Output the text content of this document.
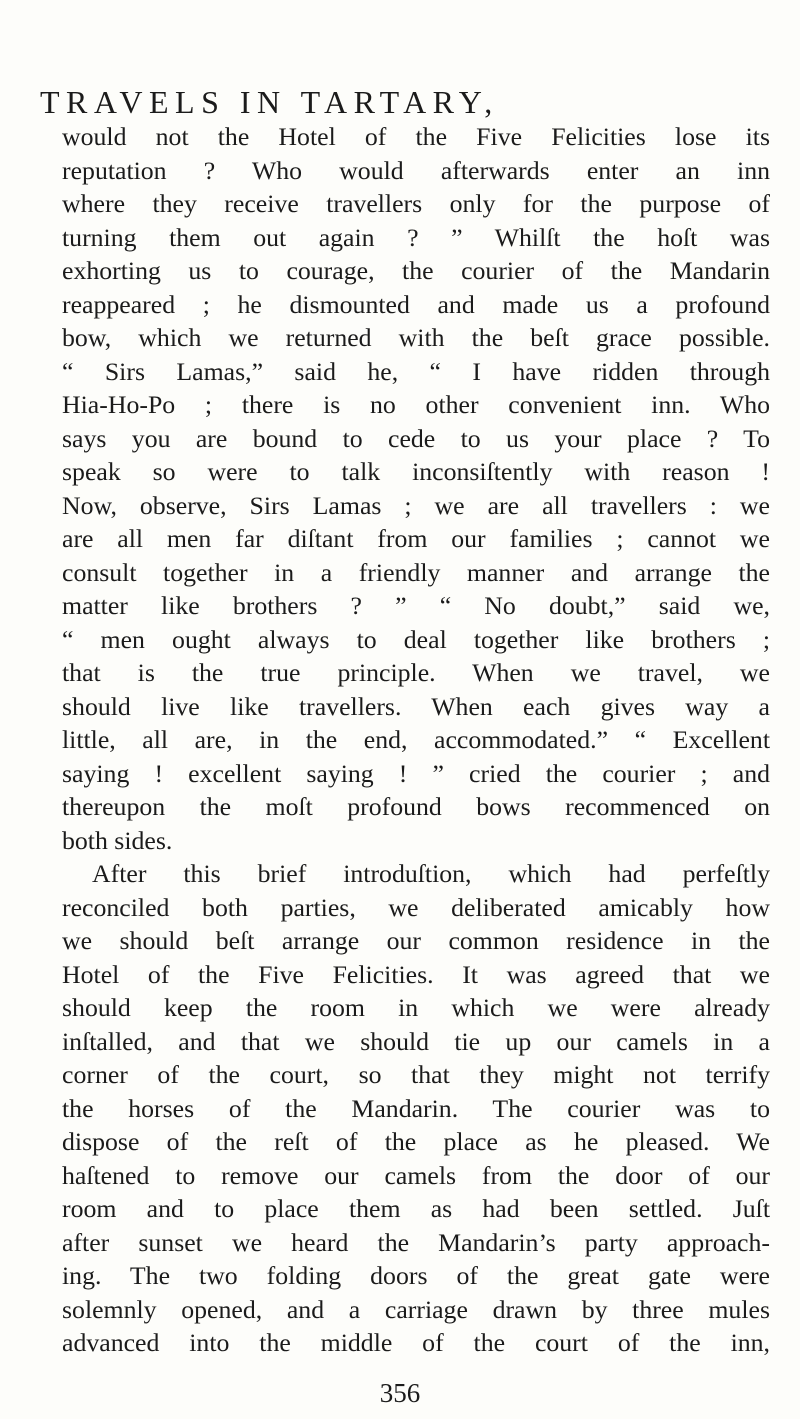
TRAVELS IN TARTARY,
would not the Hotel of the Five Felicities lose its
reputation ? Who would afterwards enter an inn
where they receive travellers only for the purpose of
turning them out again ? ” Whilſt the hoſt was
exhorting us to courage, the courier of the Mandarin
reappeared ; he dismounted and made us a profound
bow, which we returned with the beſt grace possible.
“ Sirs Lamas,” said he, “ I have ridden through
Hia-Ho-Po ; there is no other convenient inn. Who
says you are bound to cede to us your place ? To
speak so were to talk inconsiſtently with reason !
Now, observe, Sirs Lamas ; we are all travellers : we
are all men far diſtant from our families ; cannot we
consult together in a friendly manner and arrange the
matter like brothers ? ” “ No doubt,” said we,
“ men ought always to deal together like brothers ;
that is the true principle. When we travel, we
should live like travellers. When each gives way a
little, all are, in the end, accommodated.” “ Excellent
saying ! excellent saying ! ” cried the courier ; and
thereupon the moſt profound bows recommenced on
both sides.
After this brief introduſtion, which had perfeſtly
reconciled both parties, we deliberated amicably how
we should beſt arrange our common residence in the
Hotel of the Five Felicities. It was agreed that we
should keep the room in which we were already
inſtalled, and that we should tie up our camels in a
corner of the court, so that they might not terrify
the horses of the Mandarin. The courier was to
dispose of the reſt of the place as he pleased. We
haſtened to remove our camels from the door of our
room and to place them as had been settled. Juſt
after sunset we heard the Mandarin’s party approach-
ing. The two folding doors of the great gate were
solemnly opened, and a carriage drawn by three mules
advanced into the middle of the court of the inn,
356
